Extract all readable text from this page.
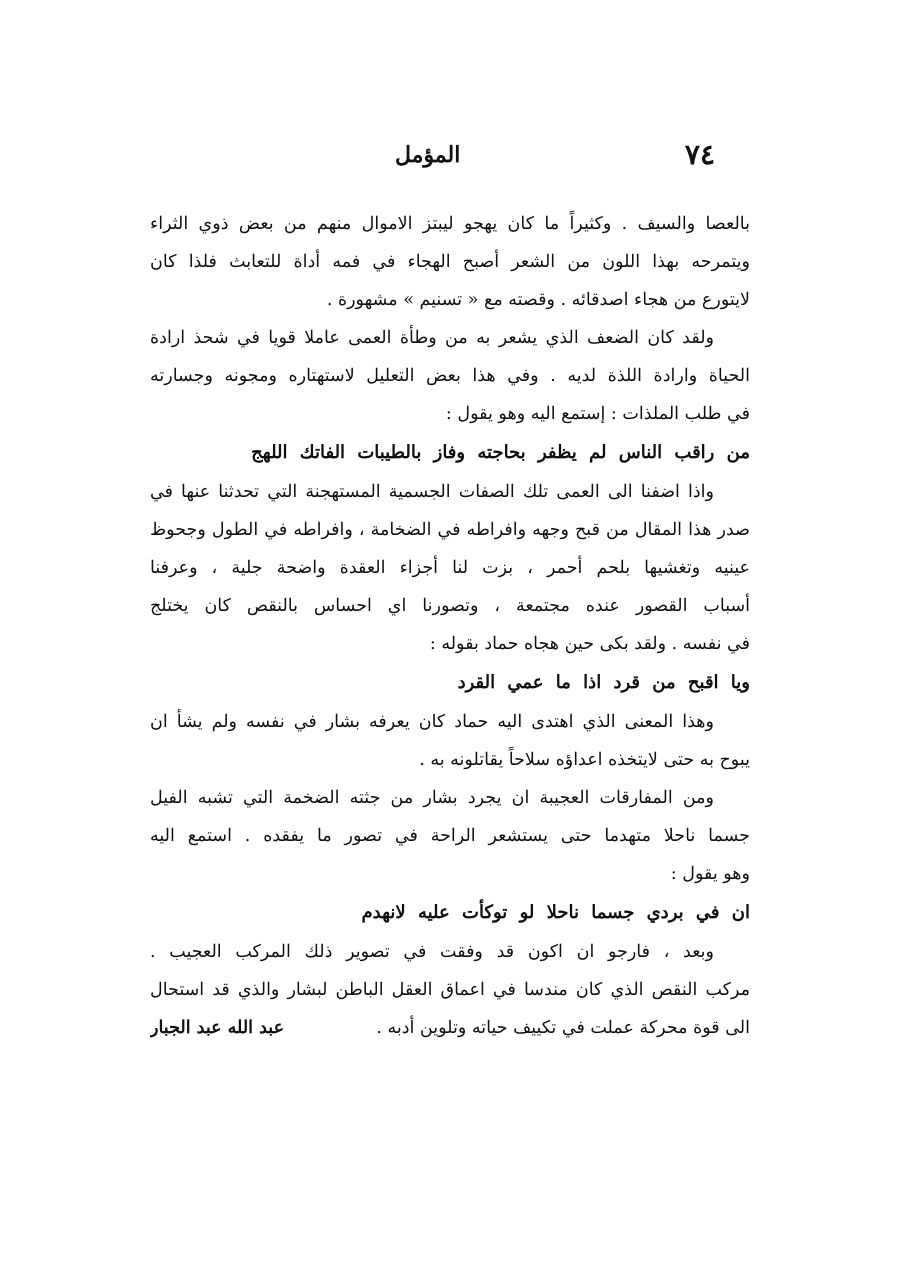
٧٤
المؤمل
بالعصا والسيف . وكثيراً ما كان يهجو ليبتز الاموال منهم من بعض ذوي الثراء
ويتمرحه بهذا اللون من الشعر أصبح الهجاء في فمه أداة للتعابث فلذا كان
لايتورع من هجاء اصدقائه . وقصته مع « تسنيم » مشهورة .
ولقد كان الضعف الذي يشعر به من وطأة العمى عاملا قويا في شحذ ارادة
الحياة وارادة اللذة لديه . وفي هذا بعض التعليل لاستهتاره ومجونه وجسارته
في طلب الملذات : إستمع اليه وهو يقول :
من راقب الناس لم يظفر بحاجته وفاز بالطيبات الفاتك اللهج
واذا اضفنا الى العمى تلك الصفات الجسمية المستهجنة التي تحدثنا عنها في
صدر هذا المقال من قبح وجهه وافراطه في الضخامة ، وافراطه في الطول وجحوظ
عينيه وتغشيها بلحم أحمر ، بزت لنا أجزاء العقدة واضحة جلية ، وعرفنا
أسباب القصور عنده مجتمعة ، وتصورنا اي احساس بالنقص كان يختلج
في نفسه . ولقد بكى حين هجاه حماد بقوله :
ويا اقبح من قرد اذا ما عمي القرد
وهذا المعنى الذي اهتدى اليه حماد كان يعرفه بشار في نفسه ولم يشأ ان
يبوح به حتى لايتخذه اعداؤه سلاحاً يقاتلونه به .
ومن المفارقات العجيبة ان يجرد بشار من جثته الضخمة التي تشبه الفيل
جسما ناحلا متهدما حتى يستشعر الراحة في تصور ما يفقده . استمع اليه
وهو يقول :
ان في بردي جسما ناحلا لو توكأت عليه لانهدم
وبعد ، فارجو ان اكون قد وفقت في تصوير ذلك المركب العجيب .
مركب النقص الذي كان مندسا في اعماق العقل الباطن لبشار والذي قد استحال
الى قوة محركة عملت في تكييف حياته وتلوين أدبه .
عبد الله عبد الجبار
